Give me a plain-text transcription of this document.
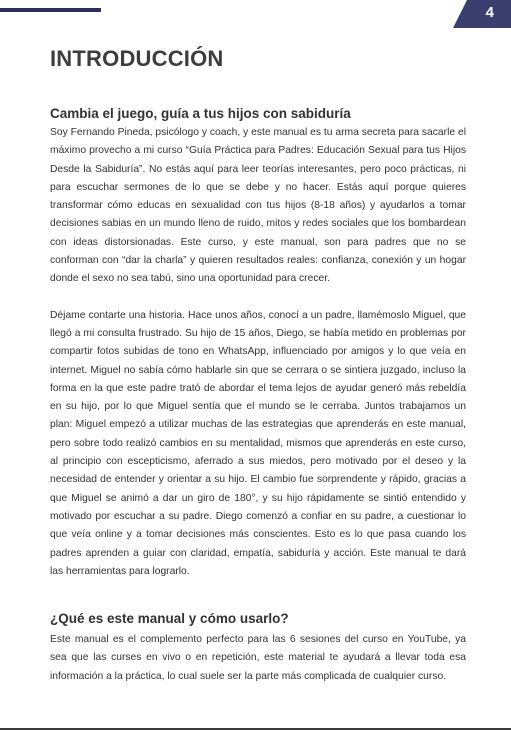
4
INTRODUCCIÓN
Cambia el juego, guía a tus hijos con sabiduría

Soy Fernando Pineda, psicólogo y coach, y este manual es tu arma secreta para sacarle el máximo provecho a mi curso “Guía Práctica para Padres: Educación Sexual para tus Hijos Desde la Sabiduría”. No estás aquí para leer teorías interesantes, pero poco prácticas, ni para escuchar sermones de lo que se debe y no hacer. Estás aquí porque quieres transformar cómo educas en sexualidad con tus hijos (8-18 años) y ayudarlos a tomar decisiones sabias en un mundo lleno de ruido, mitos y redes sociales que los bombardean con ideas distorsionadas. Este curso, y este manual, son para padres que no se conforman con “dar la charla” y quieren resultados reales: confianza, conexión y un hogar donde el sexo no sea tabú, sino una oportunidad para crecer.

Déjame contarte una historia. Hace unos años, conocí a un padre, llamémoslo Miguel, que llegó a mi consulta frustrado. Su hijo de 15 años, Diego, se había metido en problemas por compartir fotos subidas de tono en WhatsApp, influenciado por amigos y lo que veía en internet. Miguel no sabía cómo hablarle sin que se cerrara o se sintiera juzgado, incluso la forma en la que este padre trató de abordar el tema lejos de ayudar generó más rebeldía en su hijo, por lo que Miguel sentía que el mundo se le cerraba. Juntos trabajamos un plan: Miguel empezó a utilizar muchas de las estrategias que aprenderás en este manual, pero sobre todo realizó cambios en su mentalidad, mismos que aprenderás en este curso, al principio con escepticismo, aferrado a sus miedos, pero motivado por el deseo y la necesidad de entender y orientar a su hijo. El cambio fue sorprendente y rápido, gracias a que Miguel se animó a dar un giro de 180°, y su hijo rápidamente se sintió entendido y motivado por escuchar a su padre. Diego comenzó a confiar en su padre, a cuestionar lo que veía online y a tomar decisiones más conscientes. Esto es lo que pasa cuando los padres aprenden a guiar con claridad, empatía, sabiduría y acción. Este manual te dará las herramientas para lograrlo.

¿Qué es este manual y cómo usarlo?

Este manual es el complemento perfecto para las 6 sesiones del curso en YouTube, ya sea que las curses en vivo o en repetición, este material te ayudará a llevar toda esa información a la práctica, lo cual suele ser la parte más complicada de cualquier curso.
